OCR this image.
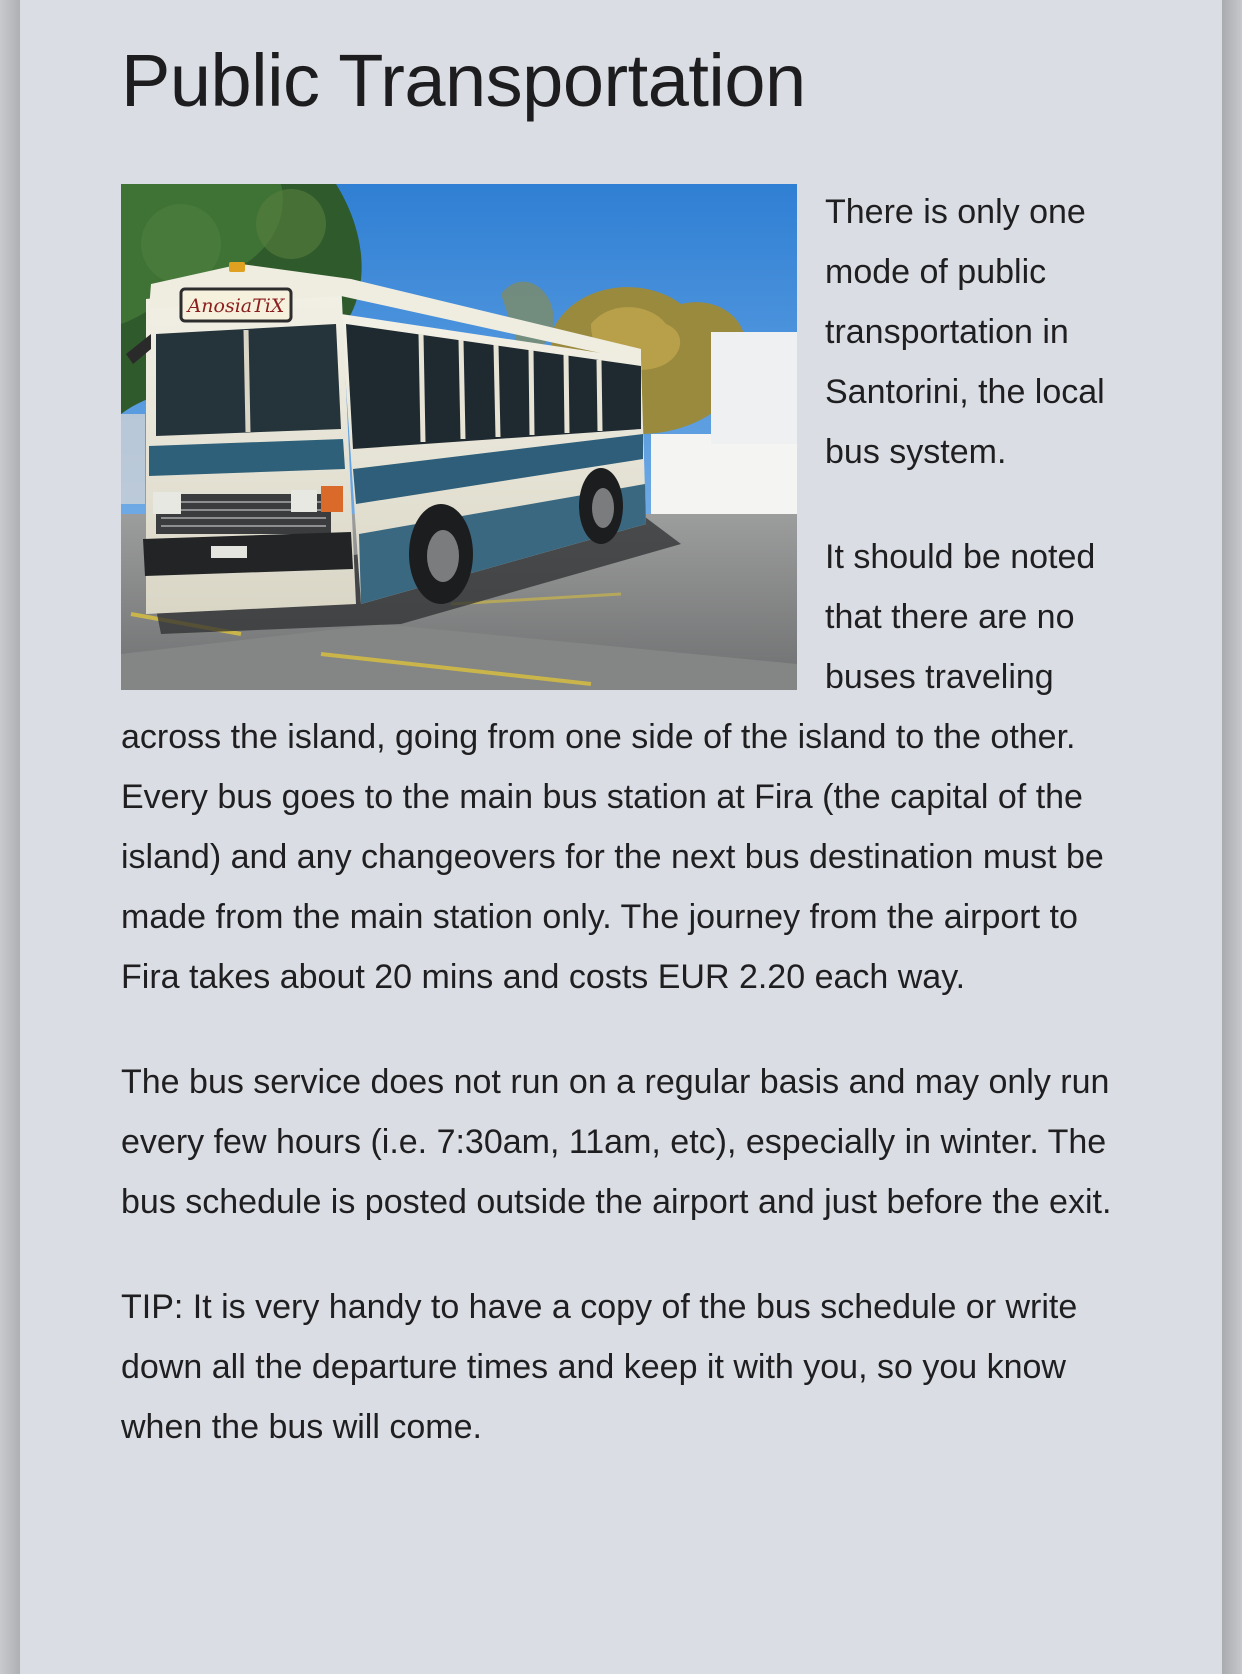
Public Transportation
AnosiaTiX

There is only one mode of public transportation in Santorini, the local bus system.

It should be noted that there are no buses traveling across the island, going from one side of the island to the other.

Every bus goes to the main bus station at Fira (the capital of the island) and any changeovers for the next bus destination must be made from the main station only. The journey from the airport to Fira takes about 20 mins and costs EUR 2.20 each way.

The bus service does not run on a regular basis and may only run every few hours (i.e. 7:30am, 11am, etc), especially in winter. The bus schedule is posted outside the airport and just before the exit.

TIP: It is very handy to have a copy of the bus schedule or write down all the departure times and keep it with you, so you know when the bus will come.
